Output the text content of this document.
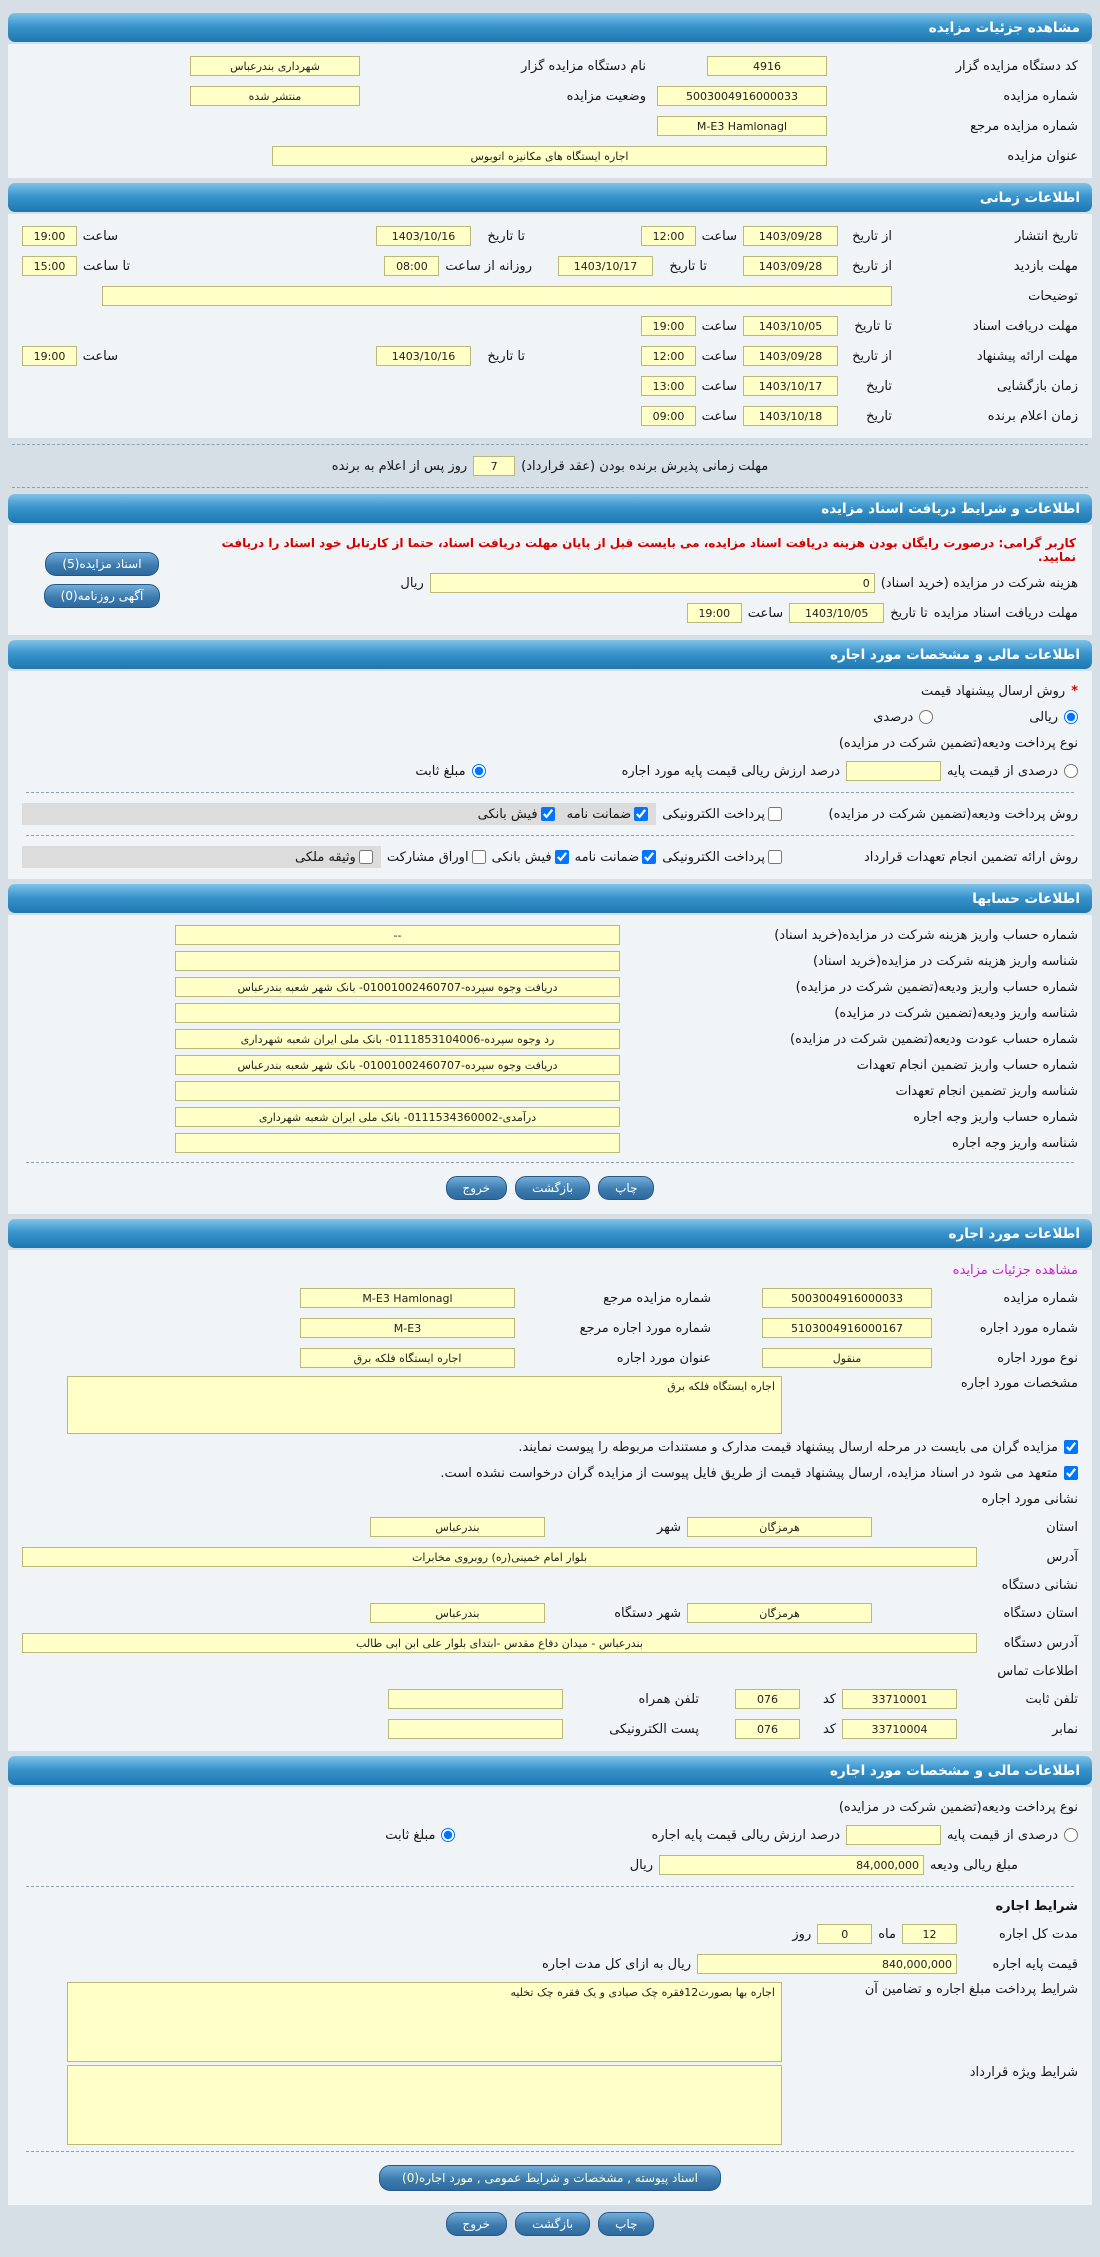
مشاهده جزئیات مزایده
کد دستگاه مزایده گزار
4916
نام دستگاه مزایده گزار
شهرداری بندرعباس
شماره مزایده
5003004916000033
وضعیت مزایده
منتشر شده
شماره مزایده مرجع
M-E3 Hamlonagl
عنوان مزایده
اجاره ایستگاه های مکانیزه اتوبوس
اطلاعات زمانی
تاریخ انتشار
از تاریخ
1403/09/28
ساعت
12:00
تا تاریخ
1403/10/16
ساعت
19:00
مهلت بازدید
از تاریخ
1403/09/28
تا تاریخ
1403/10/17
روزانه از ساعت
08:00
تا ساعت
15:00
توضیحات
مهلت دریافت اسناد
تا تاریخ
1403/10/05
ساعت
19:00
مهلت ارائه پیشنهاد
از تاریخ
1403/09/28
ساعت
12:00
تا تاریخ
1403/10/16
ساعت
19:00
زمان بازگشایی
تاریخ
1403/10/17
ساعت
13:00
زمان اعلام برنده
تاریخ
1403/10/18
ساعت
09:00
مهلت زمانی پذیرش برنده بودن (عقد قرارداد)
7
روز پس از اعلام به برنده
اطلاعات و شرایط دریافت اسناد مزایده
کاربر گرامی: درصورت رایگان بودن هزینه دریافت اسناد مزایده، می بایست قبل از پایان مهلت دریافت اسناد، حتما از کارتابل خود اسناد را دریافت نمایید.
هزینه شرکت در مزایده (خرید اسناد)
0
ریال
مهلت دریافت اسناد مزایده
تا تاریخ
1403/10/05
ساعت
19:00
اسناد مزایده(5)
آگهی روزنامه(0)
اطلاعات مالی و مشخصات مورد اجاره
*
روش ارسال پیشنهاد قیمت
ریالی
درصدی
نوع پرداخت ودیعه(تضمین شرکت در مزایده)
درصدی از قیمت پایه
درصد ارزش ریالی قیمت پایه مورد اجاره
مبلغ ثابت
روش پرداخت ودیعه(تضمین شرکت در مزایده)
پرداخت الکترونیکی
ضمانت نامه
فیش بانکی
روش ارائه تضمین انجام تعهدات قرارداد
پرداخت الکترونیکی
ضمانت نامه
فیش بانکی
اوراق مشارکت
وثیقه ملکی
اطلاعات حسابها
شماره حساب واریز هزینه شرکت در مزایده(خرید اسناد)
--
شناسه واریز هزینه شرکت در مزایده(خرید اسناد)
شماره حساب واریز ودیعه(تضمین شرکت در مزایده)
دریافت وجوه سپرده-01001002460707- بانک شهر شعبه بندرعباس
شناسه واریز ودیعه(تضمین شرکت در مزایده)
شماره حساب عودت ودیعه(تضمین شرکت در مزایده)
رد وجوه سپرده-0111853104006- بانک ملی ایران شعبه شهرداری
شماره حساب واریز تضمین انجام تعهدات
دریافت وجوه سپرده-01001002460707- بانک شهر شعبه بندرعباس
شناسه واریز تضمین انجام تعهدات
شماره حساب واریز وجه اجاره
درآمدی-0111534360002- بانک ملی ایران شعبه شهرداری
شناسه واریز وجه اجاره
چاپ
بازگشت
خروج
اطلاعات مورد اجاره
مشاهده جزئیات مزایده
شماره مزایده
5003004916000033
شماره مزایده مرجع
M-E3 Hamlonagl
شماره مورد اجاره
5103004916000167
شماره مورد اجاره مرجع
M-E3
نوع مورد اجاره
منقول
عنوان مورد اجاره
اجاره ایستگاه فلکه برق
مشخصات مورد اجاره
اجاره ایستگاه فلکه برق
مزایده گران می بایست در مرحله ارسال پیشنهاد قیمت مدارک و مستندات مربوطه را پیوست نمایند.
متعهد می شود در اسناد مزایده، ارسال پیشنهاد قیمت از طریق فایل پیوست از مزایده گران درخواست نشده است.
نشانی مورد اجاره
استان
هرمزگان
شهر
بندرعباس
آدرس
بلوار امام خمینی(ره) روبروی مخابرات
نشانی دستگاه
استان دستگاه
هرمزگان
شهر دستگاه
بندرعباس
آدرس دستگاه
بندرعباس - میدان دفاع مقدس -ابتدای بلوار علی ابن ابی طالب
اطلاعات تماس
تلفن ثابت
33710001
کد
076
تلفن همراه
نمابر
33710004
کد
076
پست الکترونیکی
اطلاعات مالی و مشخصات مورد اجاره
نوع پرداخت ودیعه(تضمین شرکت در مزایده)
درصدی از قیمت پایه
درصد ارزش ریالی قیمت پایه اجاره
مبلغ ثابت
مبلغ ریالی ودیعه
84,000,000
ریال
شرایط اجاره
مدت کل اجاره
12
ماه
0
روز
قیمت پایه اجاره
840,000,000
ریال به ازای کل مدت اجاره
شرایط پرداخت مبلغ اجاره و تضامین آن
اجاره بها بصورت12فقره چک صیادی و یک فقره چک تخلیه
شرایط ویژه قرارداد
اسناد پیوسته , مشخصات و شرایط عمومی , مورد اجاره(0)
چاپ
بازگشت
خروج
